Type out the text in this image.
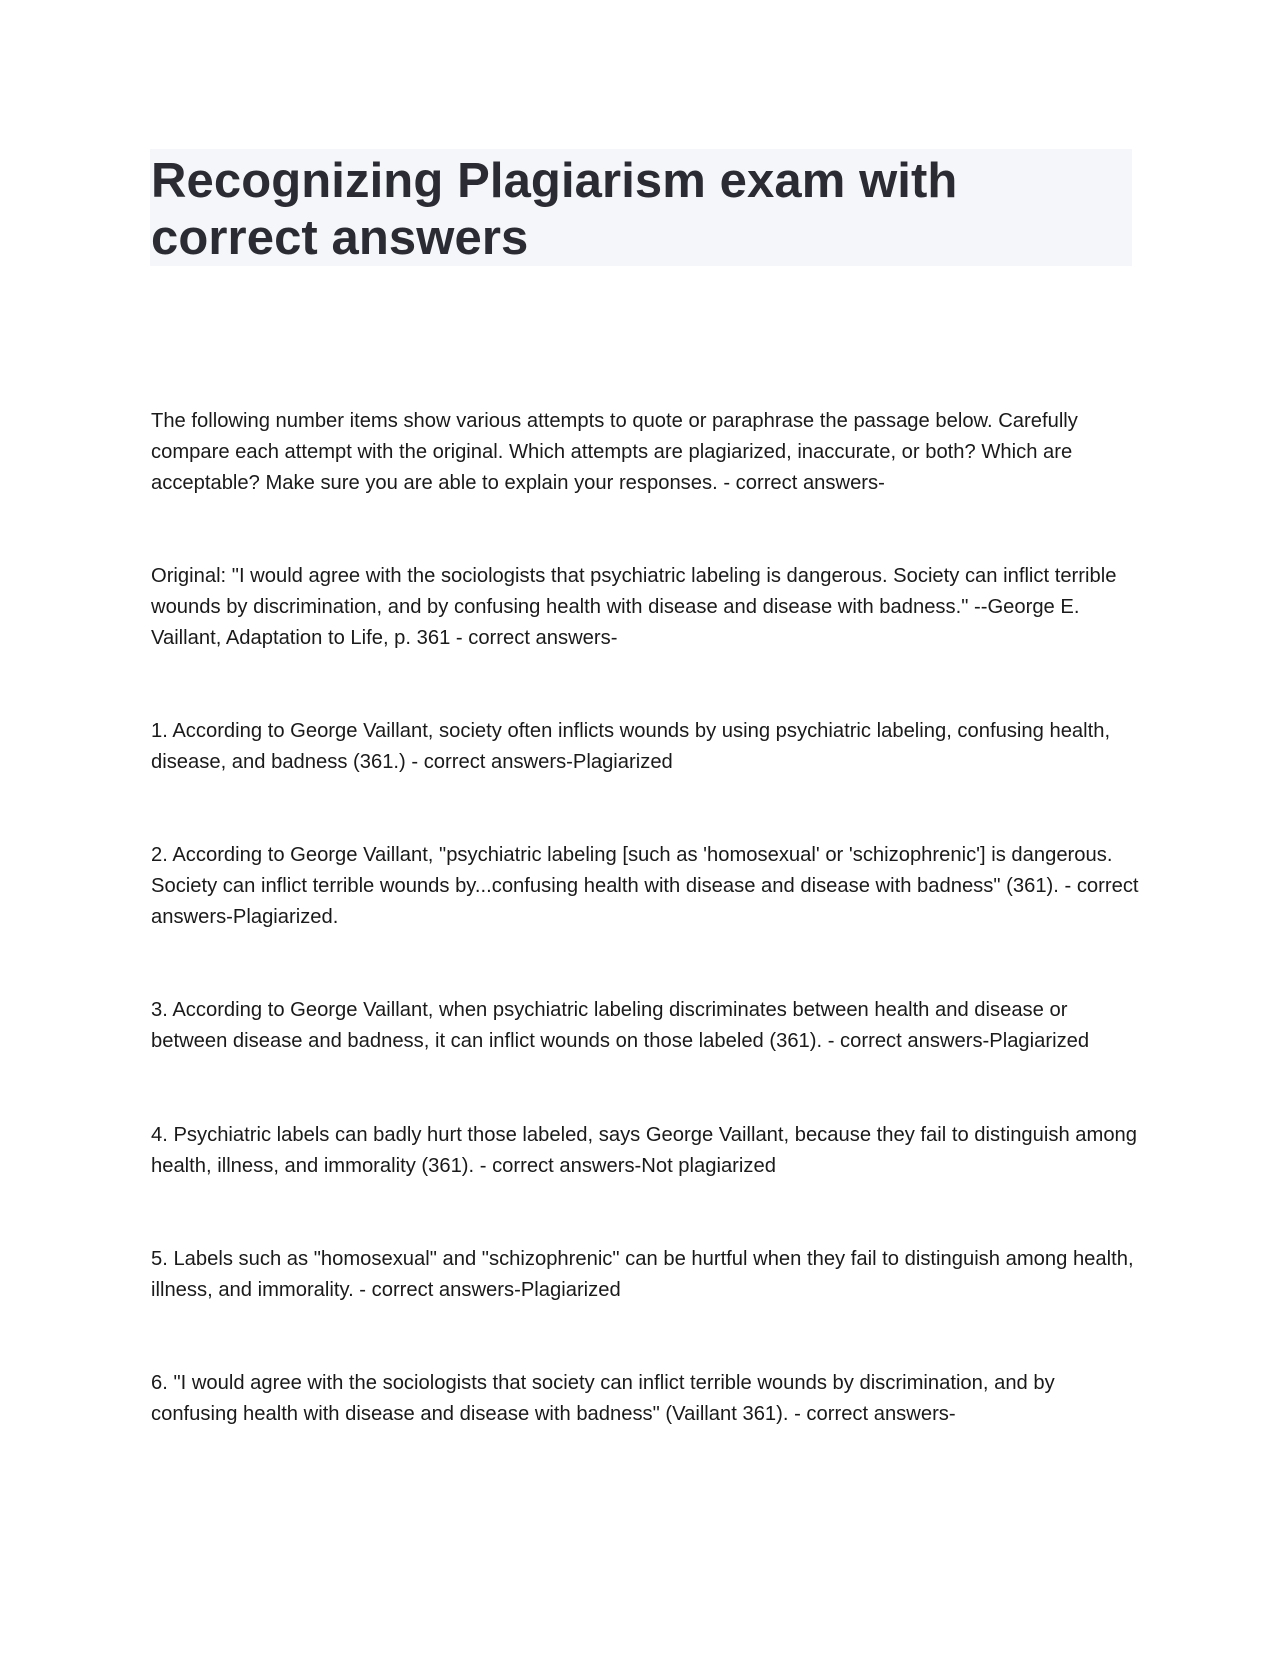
Recognizing Plagiarism exam with correct answers

The following number items show various attempts to quote or paraphrase the passage below. Carefully compare each attempt with the original. Which attempts are plagiarized, inaccurate, or both? Which are acceptable? Make sure you are able to explain your responses. - correct answers-

Original: "I would agree with the sociologists that psychiatric labeling is dangerous. Society can inflict terrible wounds by discrimination, and by confusing health with disease and disease with badness." --George E. Vaillant, Adaptation to Life, p. 361 - correct answers-

1. According to George Vaillant, society often inflicts wounds by using psychiatric labeling, confusing health, disease, and badness (361.) - correct answers-Plagiarized

2. According to George Vaillant, "psychiatric labeling [such as 'homosexual' or 'schizophrenic'] is dangerous. Society can inflict terrible wounds by...confusing health with disease and disease with badness" (361). - correct answers-Plagiarized.

3. According to George Vaillant, when psychiatric labeling discriminates between health and disease or between disease and badness, it can inflict wounds on those labeled (361). - correct answers-Plagiarized

4. Psychiatric labels can badly hurt those labeled, says George Vaillant, because they fail to distinguish among health, illness, and immorality (361). - correct answers-Not plagiarized

5. Labels such as "homosexual" and "schizophrenic" can be hurtful when they fail to distinguish among health, illness, and immorality. - correct answers-Plagiarized

6. "I would agree with the sociologists that society can inflict terrible wounds by discrimination, and by confusing health with disease and disease with badness" (Vaillant 361). - correct answers-
